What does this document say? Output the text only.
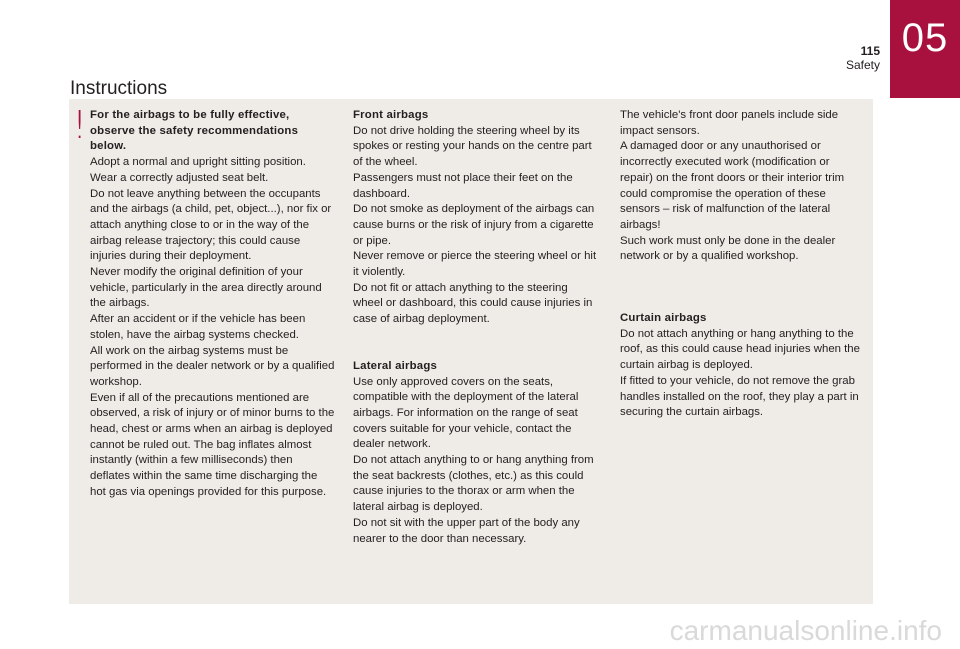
115
Safety
05
Instructions
! For the airbags to be fully effective, observe the safety recommendations below.

Adopt a normal and upright sitting position.

Wear a correctly adjusted seat belt.

Do not leave anything between the occupants and the airbags (a child, pet, object...), nor fix or attach anything close to or in the way of the airbag release trajectory; this could cause injuries during their deployment.

Never modify the original definition of your vehicle, particularly in the area directly around the airbags.

After an accident or if the vehicle has been stolen, have the airbag systems checked.

All work on the airbag systems must be performed in the dealer network or by a qualified workshop.

Even if all of the precautions mentioned are observed, a risk of injury or of minor burns to the head, chest or arms when an airbag is deployed cannot be ruled out. The bag inflates almost instantly (within a few milliseconds) then deflates within the same time discharging the hot gas via openings provided for this purpose.

Front airbags

Do not drive holding the steering wheel by its spokes or resting your hands on the centre part of the wheel.

Passengers must not place their feet on the dashboard.

Do not smoke as deployment of the airbags can cause burns or the risk of injury from a cigarette or pipe.

Never remove or pierce the steering wheel or hit it violently.

Do not fit or attach anything to the steering wheel or dashboard, this could cause injuries in case of airbag deployment.

Lateral airbags

Use only approved covers on the seats, compatible with the deployment of the lateral airbags. For information on the range of seat covers suitable for your vehicle, contact the dealer network.

Do not attach anything to or hang anything from the seat backrests (clothes, etc.) as this could cause injuries to the thorax or arm when the lateral airbag is deployed.

Do not sit with the upper part of the body any nearer to the door than necessary.

The vehicle's front door panels include side impact sensors.

A damaged door or any unauthorised or incorrectly executed work (modification or repair) on the front doors or their interior trim could compromise the operation of these sensors – risk of malfunction of the lateral airbags!

Such work must only be done in the dealer network or by a qualified workshop.

Curtain airbags

Do not attach anything or hang anything to the roof, as this could cause head injuries when the curtain airbag is deployed.

If fitted to your vehicle, do not remove the grab handles installed on the roof, they play a part in securing the curtain airbags.

carmanualsonline.info
